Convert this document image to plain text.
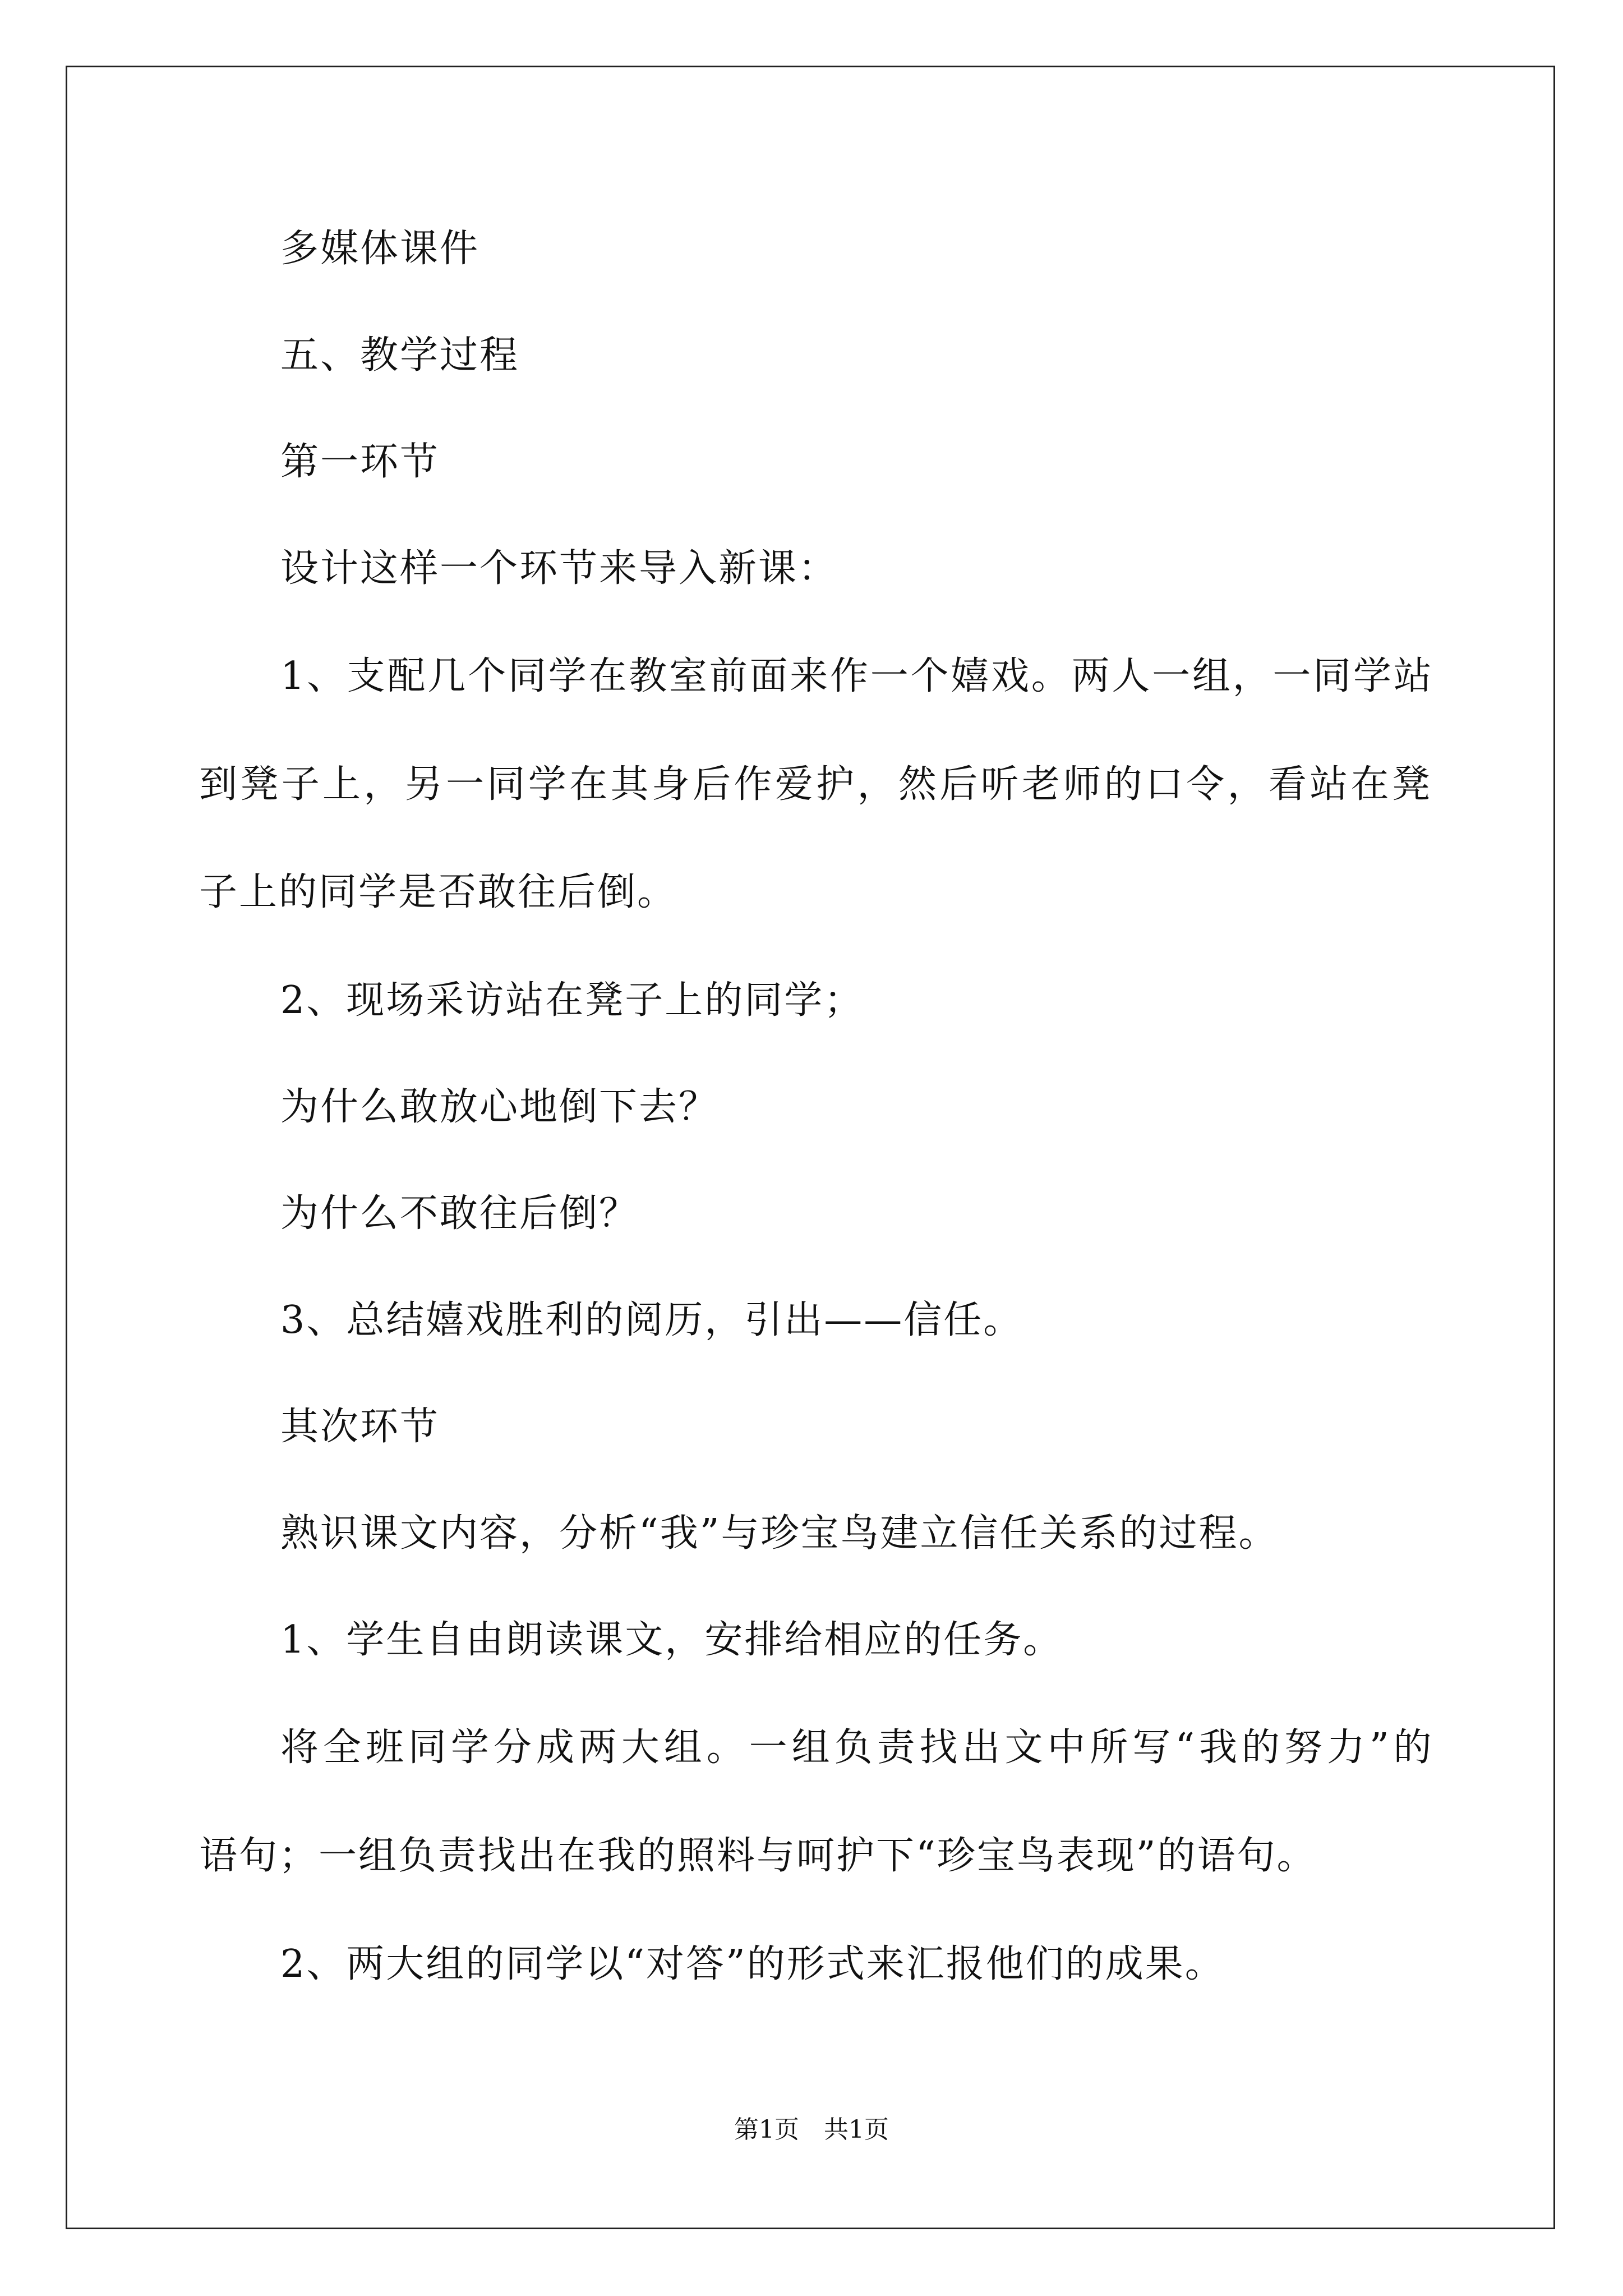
多媒体课件
五、教学过程
第一环节
设计这样一个环节来导入新课：
1 、 支 配 几 个 同 学 在 教 室 前 面 来 作 一 个 嬉 戏 。 两 人 一 组 ， 一 同 学 站
到 凳 子 上 ， 另 一 同 学 在 其 身 后 作 爱 护 ， 然 后 听 老 师 的 口 令 ， 看 站 在 凳
子上的同学是否敢往后倒。
2、现场采访站在凳子上的同学；
为什么敢放心地倒下去？
为什么不敢往后倒？
3、总结嬉戏胜利的阅历，引出——信任。
其次环节
熟识课文内容，分析“我”与珍宝鸟建立信任关系的过程。
1、学生自由朗读课文，安排给相应的任务。
将 全 班 同 学 分 成 两 大 组 。 一 组 负 责 找 出 文 中 所 写 “ 我 的 努 力 ” 的
语句；一组负责找出在我的照料与呵护下“珍宝鸟表现”的语句。
2、两大组的同学以“对答”的形式来汇报他们的成果。
第1页　共1页
